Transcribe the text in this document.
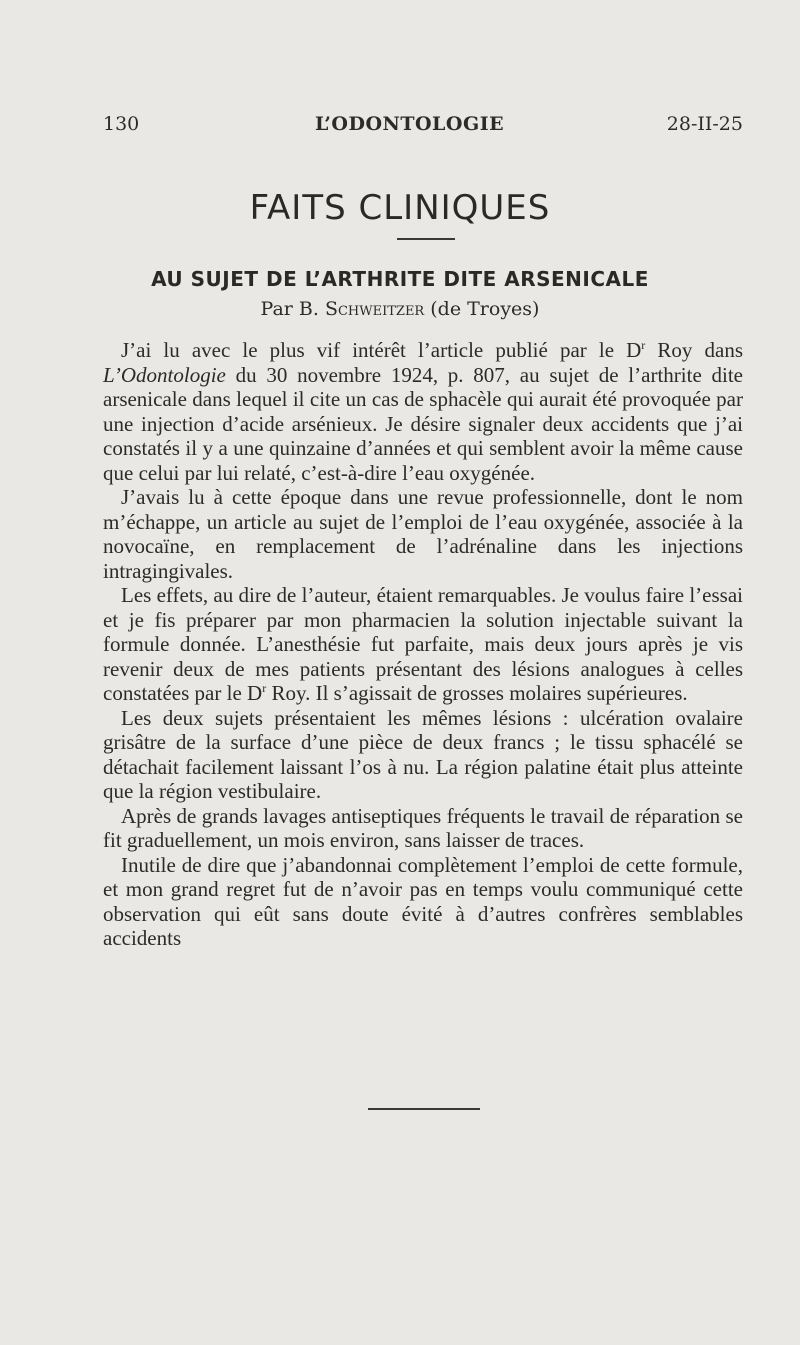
130	L’ODONTOLOGIE	28-II-25
FAITS CLINIQUES
AU SUJET DE L’ARTHRITE DITE ARSENICALE
Par B. Schweitzer (de Troyes)

J’ai lu avec le plus vif intérêt l’article publié par le $D^r$ Roy dans L’Odontologie du 30 novembre 1924, p. 807, au sujet de l’arthrite dite arsenicale dans lequel il cite un cas de sphacèle qui aurait été provoquée par une injection d’acide arsénieux. Je désire signaler deux accidents que j’ai constatés il y a une quinzaine d’années et qui semblent avoir la même cause que celui par lui relaté, c’est-à-dire l’eau oxygénée.

J’avais lu à cette époque dans une revue professionnelle, dont le nom m’échappe, un article au sujet de l’emploi de l’eau oxygénée, associée à la novocaïne, en remplacement de l’adrénaline dans les injections intragingivales.

Les effets, au dire de l’auteur, étaient remarquables. Je voulus faire l’essai et je fis préparer par mon pharmacien la solution injectable suivant la formule donnée. L’anesthésie fut parfaite, mais deux jours après je vis revenir deux de mes patients présentant des lésions analogues à celles constatées par le $D^r$ Roy. Il s’agissait de grosses molaires supérieures.

Les deux sujets présentaient les mêmes lésions : ulcération ovalaire grisâtre de la surface d’une pièce de deux francs ; le tissu sphacélé se détachait facilement laissant l’os à nu. La région palatine était plus atteinte que la région vestibulaire.

Après de grands lavages antiseptiques fréquents le travail de réparation se fit graduellement, un mois environ, sans laisser de traces.

Inutile de dire que j’abandonnai complètement l’emploi de cette formule, et mon grand regret fut de n’avoir pas en temps voulu communiqué cette observation qui eût sans doute évité à d’autres confrères semblables accidents
